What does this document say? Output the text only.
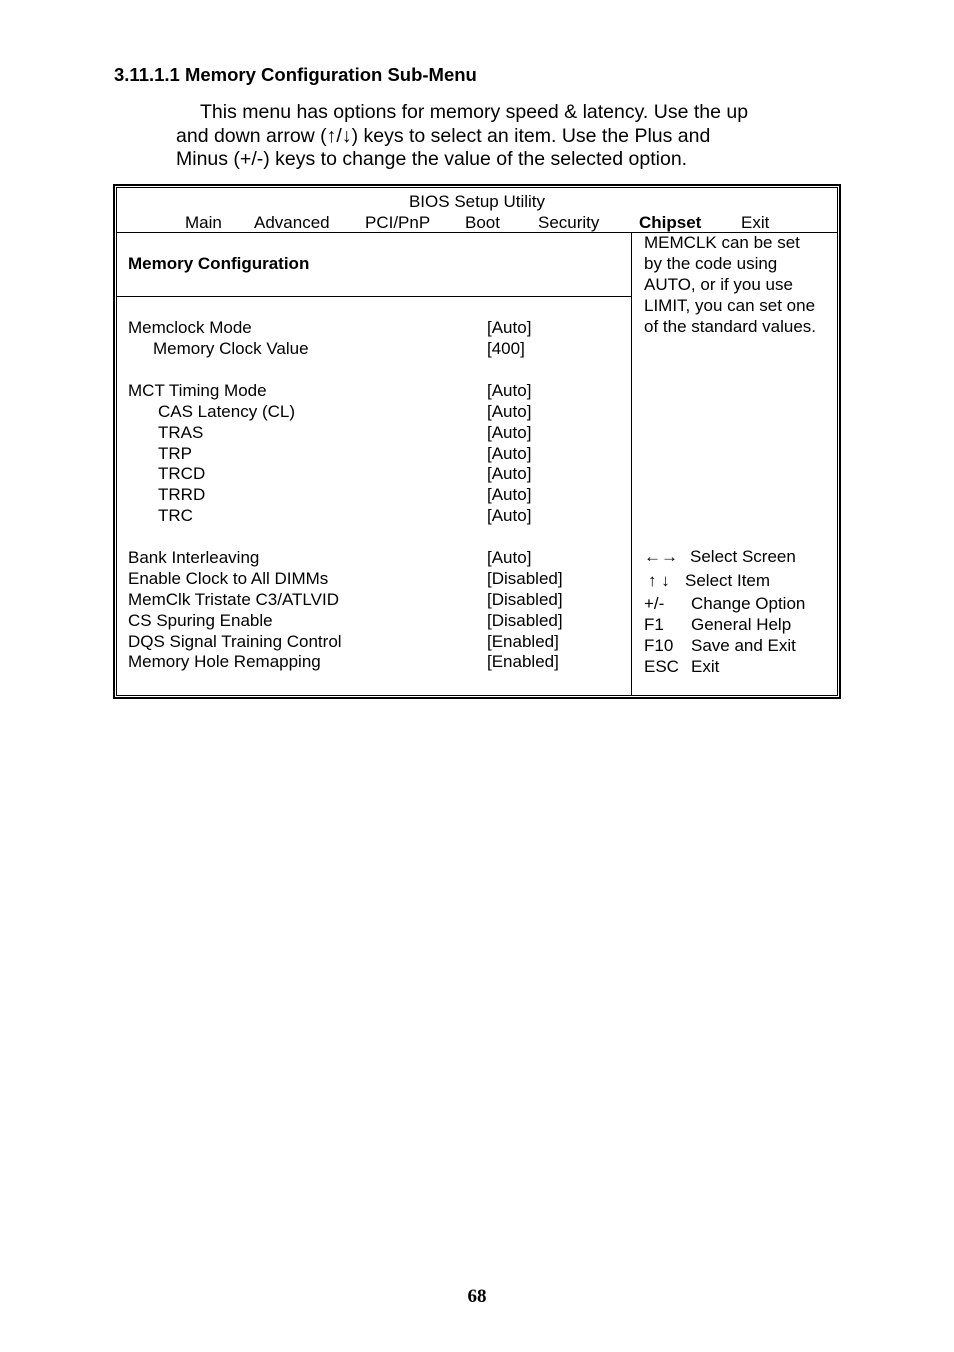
3.11.1.1 Memory Configuration Sub-Menu
This menu has options for memory speed & latency. Use the up
and down arrow (↑/↓) keys to select an item. Use the Plus and
Minus (+/-) keys to change the value of the selected option.
BIOS Setup Utility
Main Advanced PCI/PnP Boot Security Chipset Exit
Memory Configuration
Memclock Mode	[Auto]
Memory Clock Value	[400]
MCT Timing Mode	[Auto]
CAS Latency (CL)	[Auto]
TRAS	[Auto]
TRP	[Auto]
TRCD	[Auto]
TRRD	[Auto]
TRC	[Auto]
Bank Interleaving	[Auto]
Enable Clock to All DIMMs	[Disabled]
MemClk Tristate C3/ATLVID	[Disabled]
CS Spuring Enable	[Disabled]
DQS Signal Training Control	[Enabled]
Memory Hole Remapping	[Enabled]
MEMCLK can be set
by the code using
AUTO, or if you use
LIMIT, you can set one
of the standard values.
←→ Select Screen
↑ ↓ Select Item
+/- Change Option
F1 General Help
F10 Save and Exit
ESC Exit
68
